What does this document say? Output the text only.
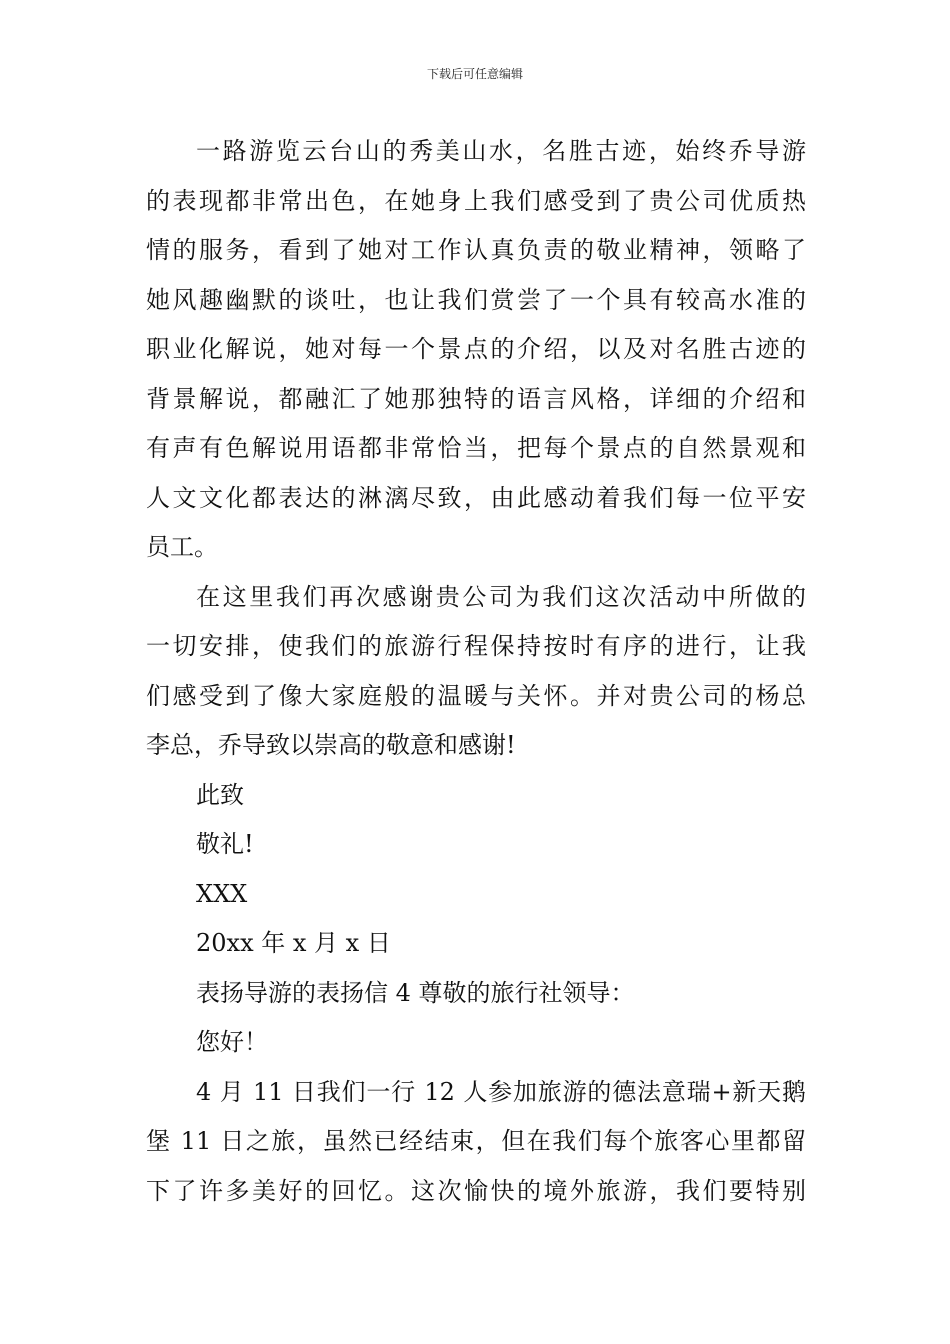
下载后可任意编辑
一路游览云台山的秀美山水，名胜古迹，始终乔导游
的表现都非常出色，在她身上我们感受到了贵公司优质热
情的服务，看到了她对工作认真负责的敬业精神，领略了
她风趣幽默的谈吐，也让我们赏尝了一个具有较高水准的
职业化解说，她对每一个景点的介绍，以及对名胜古迹的
背景解说，都融汇了她那独特的语言风格，详细的介绍和
有声有色解说用语都非常恰当，把每个景点的自然景观和
人文文化都表达的淋漓尽致，由此感动着我们每一位平安
员工。
在这里我们再次感谢贵公司为我们这次活动中所做的
一切安排，使我们的旅游行程保持按时有序的进行，让我
们感受到了像大家庭般的温暖与关怀。并对贵公司的杨总
李总，乔导致以崇高的敬意和感谢!
此致
敬礼!
XXX
20xx 年 x 月 x 日
表扬导游的表扬信 4 尊敬的旅行社领导：
您好！
4 月 11 日我们一行 12 人参加旅游的德法意瑞+新天鹅
堡 11 日之旅，虽然已经结束，但在我们每个旅客心里都留
下了许多美好的回忆。这次愉快的境外旅游，我们要特别
